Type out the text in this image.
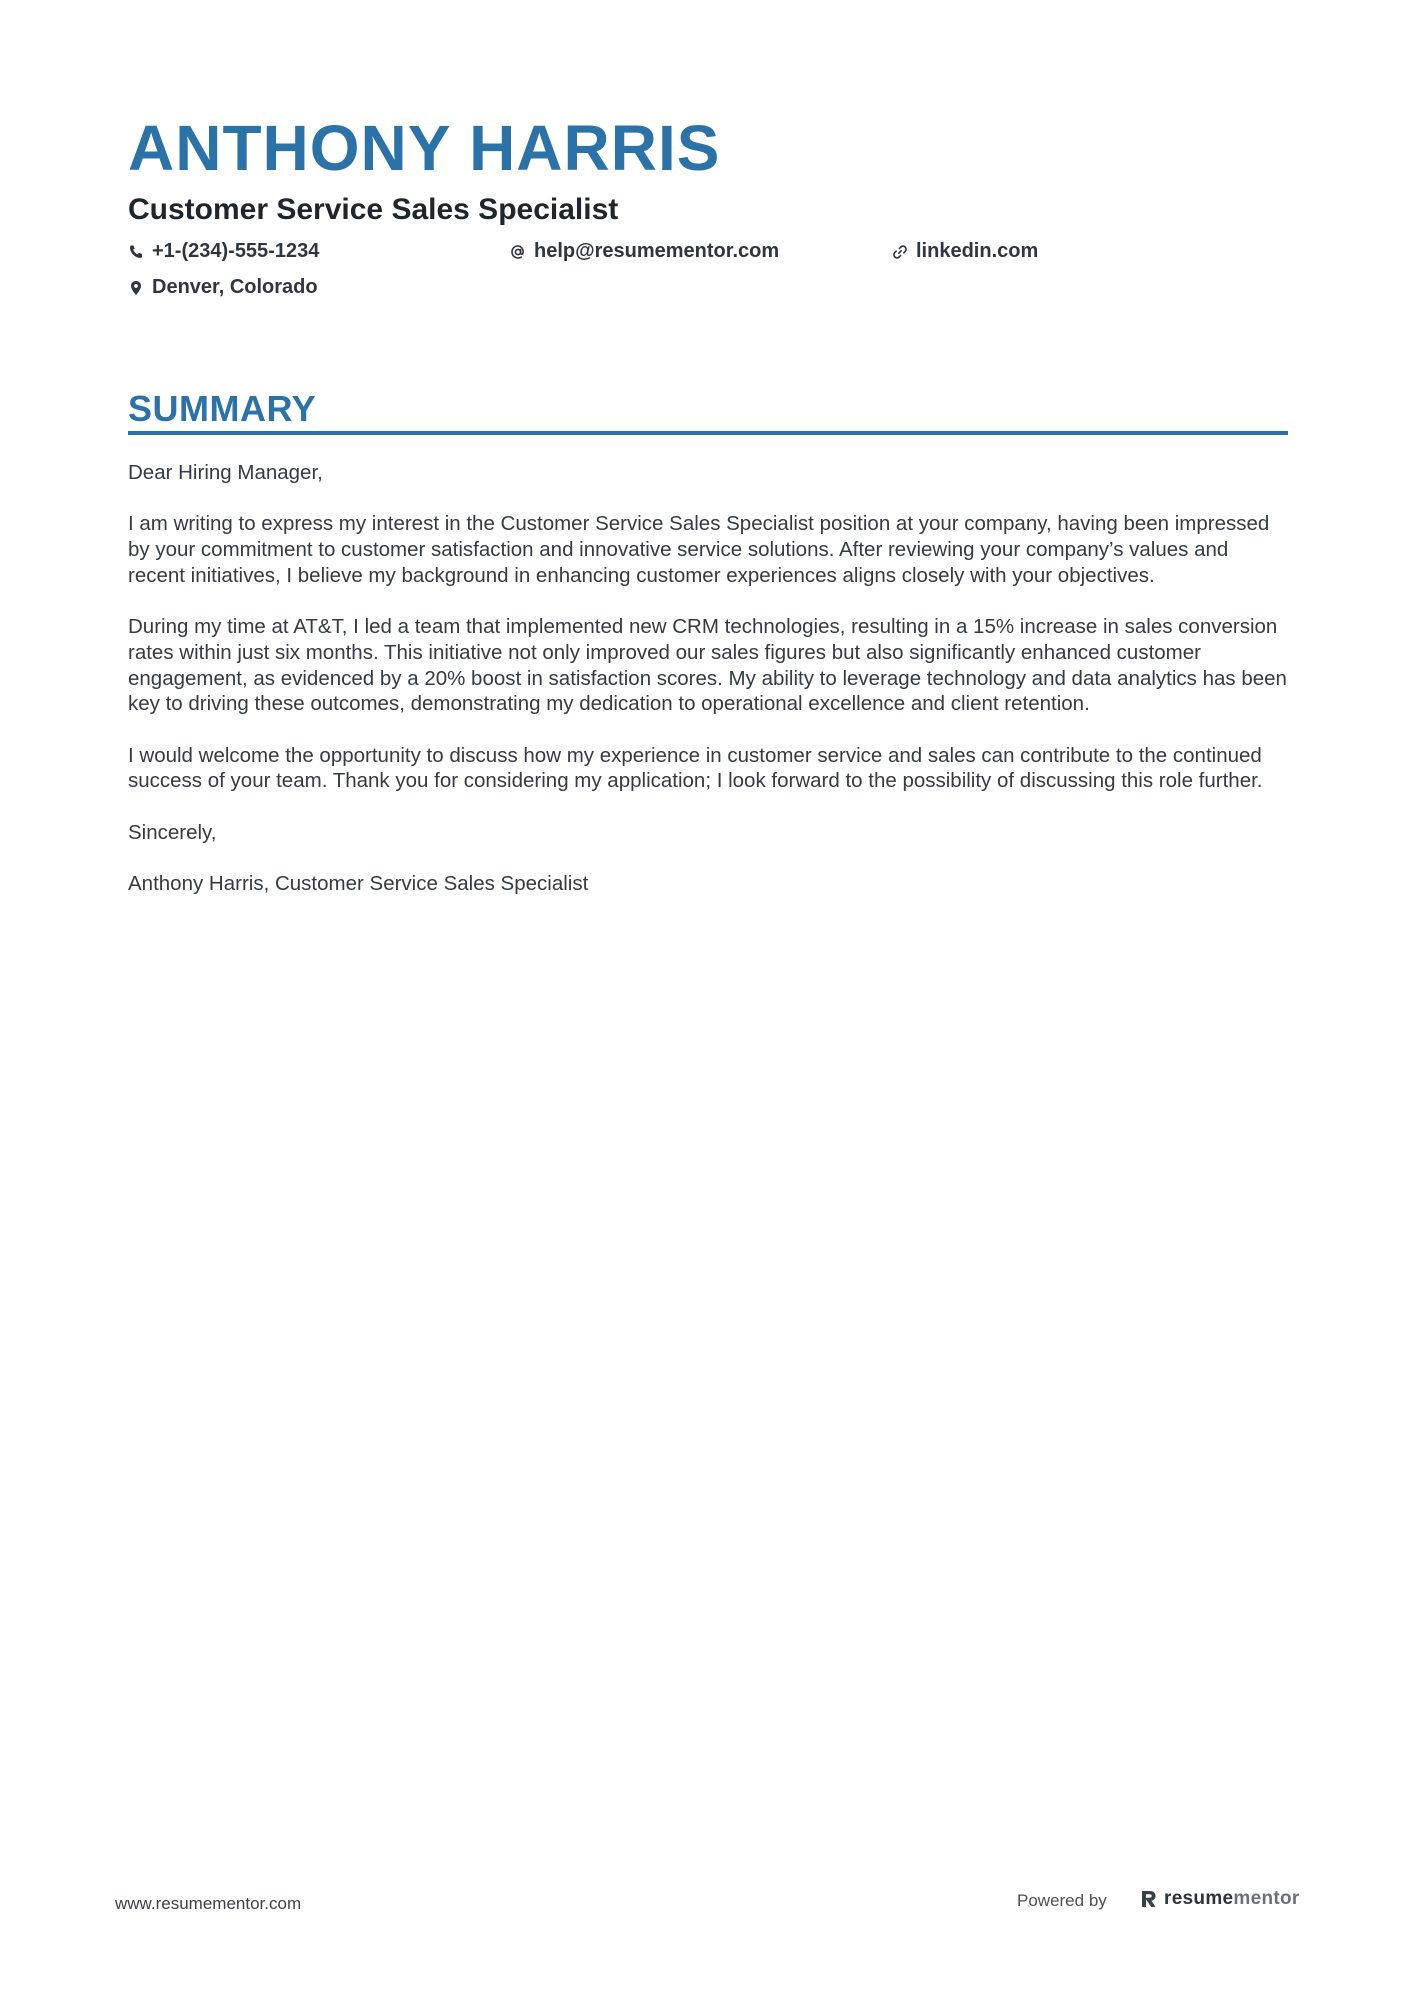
ANTHONY HARRIS
Customer Service Sales Specialist
+1-(234)-555-1234	help@resumementor.com	linkedin.com
Denver, Colorado
SUMMARY

Dear Hiring Manager,

I am writing to express my interest in the Customer Service Sales Specialist position at your company, having been impressed by your commitment to customer satisfaction and innovative service solutions. After reviewing your company’s values and recent initiatives, I believe my background in enhancing customer experiences aligns closely with your objectives.

During my time at AT&T, I led a team that implemented new CRM technologies, resulting in a 15% increase in sales conversion rates within just six months. This initiative not only improved our sales figures but also significantly enhanced customer engagement, as evidenced by a 20% boost in satisfaction scores. My ability to leverage technology and data analytics has been key to driving these outcomes, demonstrating my dedication to operational excellence and client retention.

I would welcome the opportunity to discuss how my experience in customer service and sales can contribute to the continued success of your team. Thank you for considering my application; I look forward to the possibility of discussing this role further.

Sincerely,

Anthony Harris, Customer Service Sales Specialist

www.resumementor.com	Powered by	resume mentor
